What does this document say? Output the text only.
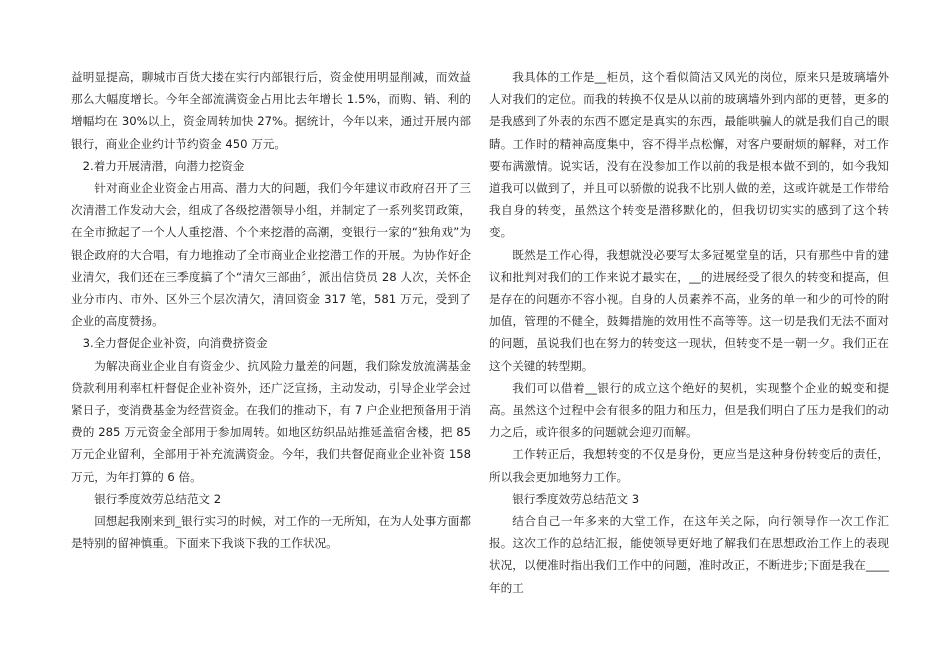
益明显提高，聊城市百货大搂在实行内部银行后，资金使用明显削减，而效益那么大幅度增长。今年全部流满资金占用比去年增长 1.5%，而购、销、利的增幅均在 30%以上，资金周转加快 27%。据统计，今年以来，通过开展内部银行，商业企业约计节约资金 450 万元。

2.着力开展清潜，向潜力挖资金

针对商业企业资金占用高、潜力大的问题，我们今年建议市政府召开了三次清潜工作发动大会，组成了各级挖潜领导小组，并制定了一系列奖罚政策，在全市掀起了一个人人重挖潜、个个来挖潜的高潮，变银行一家的“独角戏”为银企政府的大合唱，有力地推动了全市商业企业挖潜工作的开展。为协作好企业清欠，我们还在三季度搞了个“清欠三部曲〞，派出信贷员 28 人次，关怀企业分市内、市外、区外三个层次清欠，清回资金 317 笔，581 万元，受到了企业的高度赞扬。

3.全力督促企业补资，向消费挤资金

为解决商业企业自有资金少、抗风险力量差的问题，我们除发放流满基金贷款利用利率杠杆督促企业补资外，还广泛宣扬，主动发动，引导企业学会过紧日子，变消费基金为经营资金。在我们的推动下，有 7 户企业把预备用于消费的 285 万元资金全部用于参加周转。如地区纺织品站推延盖宿舍楼，把 85 万元企业留利，全部用于补充流满资金。今年，我们共督促商业企业补资 158 万元，为年打算的 6 倍。

银行季度效劳总结范文 2

回想起我刚来到_银行实习的时候，对工作的一无所知，在为人处事方面都是特别的留神慎重。下面来下我谈下我的工作状况。

我具体的工作是__柜员，这个看似简洁又风光的岗位，原来只是玻璃墙外人对我们的定位。而我的转换不仅是从以前的玻璃墙外到内部的更替，更多的是我感到了外表的东西不愿定是真实的东西，最能哄骗人的就是我们自己的眼睛。工作时的精神高度集中，容不得半点松懈，对客户要耐烦的解释，对工作要布满激情。说实话，没有在没参加工作以前的我是根本做不到的，如今我知道我可以做到了，并且可以骄傲的说我不比别人做的差，这或许就是工作带给我自身的转变，虽然这个转变是潜移默化的，但我切切实实的感到了这个转变。

既然是工作心得，我想就没必要写太多冠冕堂皇的话，只有那些中肯的建议和批判对我们的工作来说才最实在，__的进展经受了很久的转变和提高，但是存在的问题亦不容小视。自身的人员素养不高，业务的单一和少的可怜的附加值，管理的不健全，鼓舞措施的效用性不高等等。这一切是我们无法不面对的问题，虽说我们也在努力的转变这一现状，但转变不是一朝一夕。我们正在这个关键的转型期。

我们可以借着__银行的成立这个绝好的契机，实现整个企业的蜕变和提高。虽然这个过程中会有很多的阻力和压力，但是我们明白了压力是我们的动力之后，或许很多的问题就会迎刃而解。

工作转正后，我想转变的不仅是身份，更应当是这种身份转变后的责任，所以我会更加地努力工作。

银行季度效劳总结范文 3

结合自己一年多来的大堂工作，在这年关之际，向行领导作一次工作汇报。这次工作的总结汇报，能使领导更好地了解我们在思想政治工作上的表现状况，以便准时指出我们工作中的问题，准时改正，不断进步;下面是我在____年的工
